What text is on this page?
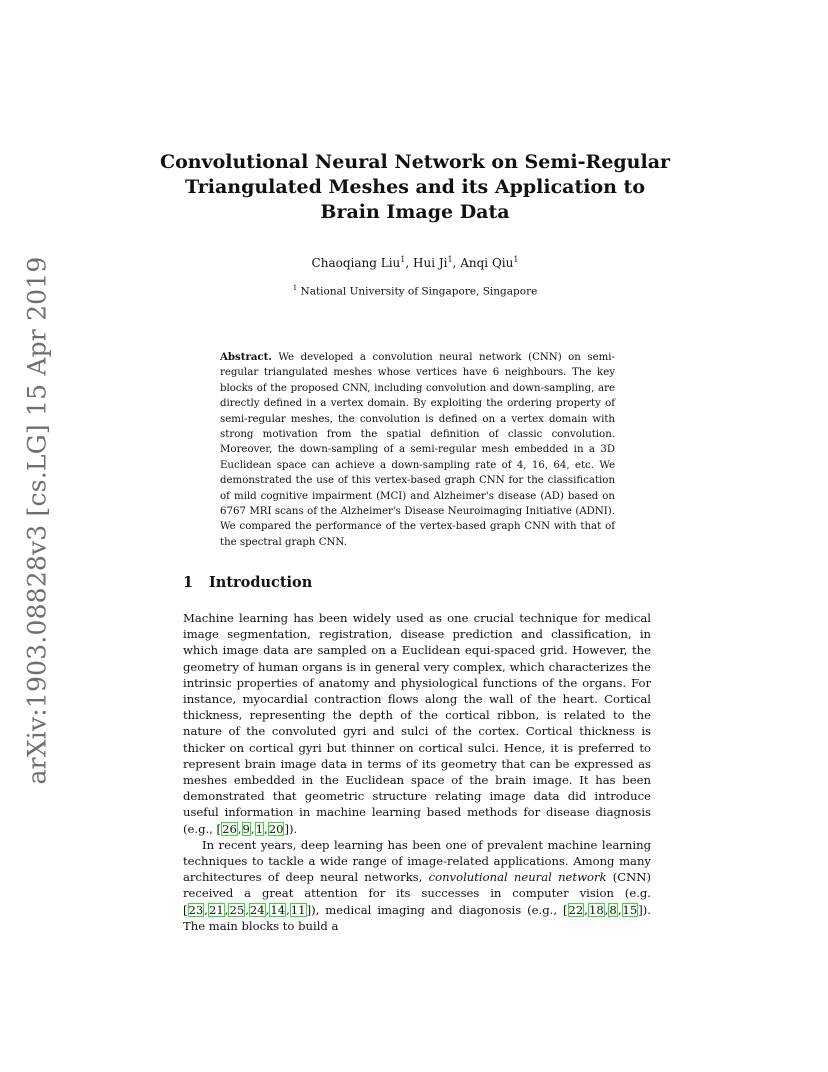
arXiv:1903.08828v3 [cs.LG] 15 Apr 2019
Convolutional Neural Network on Semi-Regular
Triangulated Meshes and its Application to
Brain Image Data
Chaoqiang Liu$^1$, Hui Ji$^1$, Anqi Qiu$^1$
$^1$ National University of Singapore, Singapore
Abstract. We developed a convolution neural network (CNN) on semi-regular triangulated meshes whose vertices have 6 neighbours. The key blocks of the proposed CNN, including convolution and down-sampling, are directly defined in a vertex domain. By exploiting the ordering property of semi-regular meshes, the convolution is defined on a vertex domain with strong motivation from the spatial definition of classic convolution. Moreover, the down-sampling of a semi-regular mesh embedded in a 3D Euclidean space can achieve a down-sampling rate of 4, 16, 64, etc. We demonstrated the use of this vertex-based graph CNN for the classification of mild cognitive impairment (MCI) and Alzheimer's disease (AD) based on 6767 MRI scans of the Alzheimer's Disease Neuroimaging Initiative (ADNI). We compared the performance of the vertex-based graph CNN with that of the spectral graph CNN.
1 Introduction

Machine learning has been widely used as one crucial technique for medical image segmentation, registration, disease prediction and classification, in which image data are sampled on a Euclidean equi-spaced grid. However, the geometry of human organs is in general very complex, which characterizes the intrinsic properties of anatomy and physiological functions of the organs. For instance, myocardial contraction flows along the wall of the heart. Cortical thickness, representing the depth of the cortical ribbon, is related to the nature of the convoluted gyri and sulci of the cortex. Cortical thickness is thicker on cortical gyri but thinner on cortical sulci. Hence, it is preferred to represent brain image data in terms of its geometry that can be expressed as meshes embedded in the Euclidean space of the brain image. It has been demonstrated that geometric structure relating image data did introduce useful information in machine learning based methods for disease diagnosis (e.g., [26,9,1,20]).

In recent years, deep learning has been one of prevalent machine learning techniques to tackle a wide range of image-related applications. Among many architectures of deep neural networks, convolutional neural network (CNN) received a great attention for its successes in computer vision (e.g. [23,21,25,24,14,11]), medical imaging and diagonosis (e.g., [22,18,8,15]). The main blocks to build a
